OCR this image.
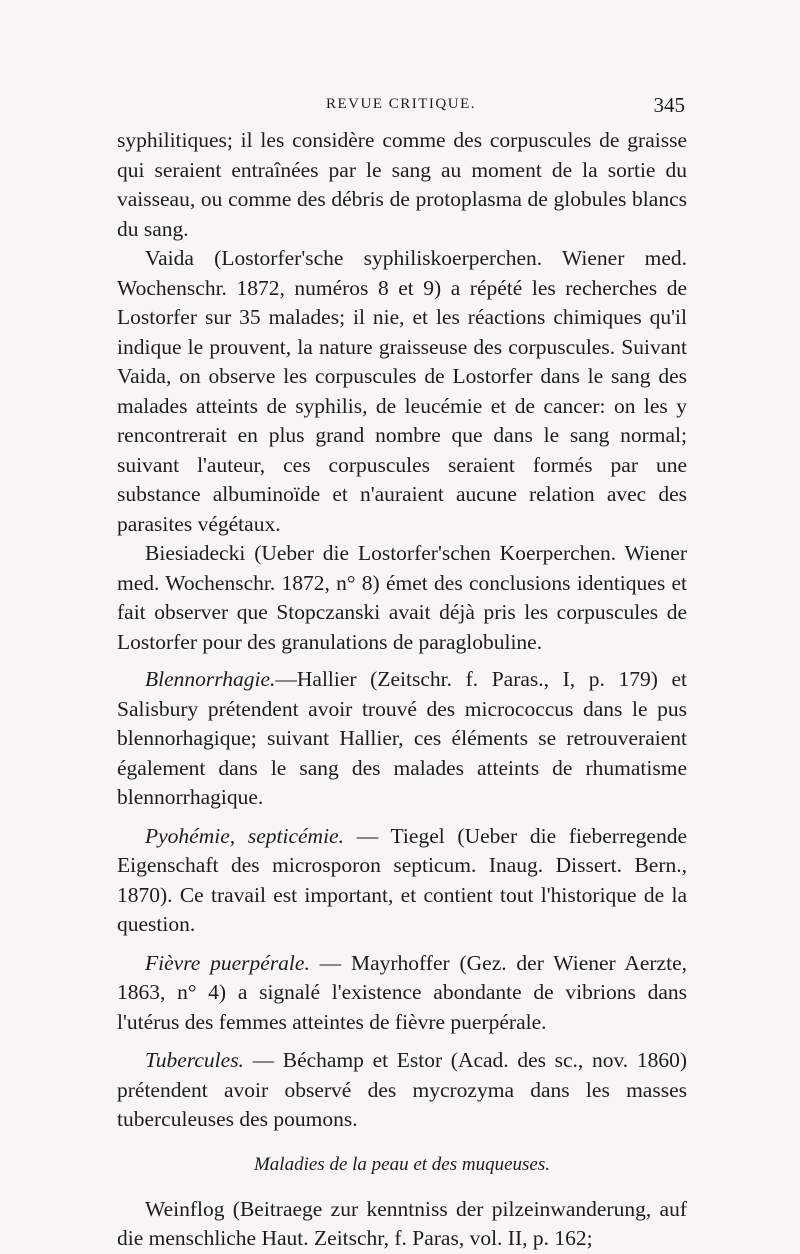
REVUE CRITIQUE.	345

syphilitiques; il les considère comme des corpuscules de graisse qui seraient entraînées par le sang au moment de la sortie du vaisseau, ou comme des débris de protoplasma de globules blancs du sang.

Vaida (Lostorfer'sche syphiliskoerperchen. Wiener med. Wochenschr. 1872, numéros 8 et 9) a répété les recherches de Lostorfer sur 35 malades; il nie, et les réactions chimiques qu'il indique le prouvent, la nature graisseuse des corpuscules. Suivant Vaida, on observe les corpuscules de Lostorfer dans le sang des malades atteints de syphilis, de leucémie et de cancer: on les y rencontrerait en plus grand nombre que dans le sang normal; suivant l'auteur, ces corpuscules seraient formés par une substance albuminoïde et n'auraient aucune relation avec des parasites végétaux.

Biesiadecki (Ueber die Lostorfer'schen Koerperchen. Wiener med. Wochenschr. 1872, n° 8) émet des conclusions identiques et fait observer que Stopczanski avait déjà pris les corpuscules de Lostorfer pour des granulations de paraglobuline.

Blennorrhagie.—Hallier (Zeitschr. f. Paras., I, p. 179) et Salisbury prétendent avoir trouvé des micrococcus dans le pus blennorhagique; suivant Hallier, ces éléments se retrouveraient également dans le sang des malades atteints de rhumatisme blennorrhagique.

Pyohémie, septicémie. — Tiegel (Ueber die fieberregende Eigenschaft des microsporon septicum. Inaug. Dissert. Bern., 1870). Ce travail est important, et contient tout l'historique de la question.

Fièvre puerpérale. — Mayrhoffer (Gez. der Wiener Aerzte, 1863, n° 4) a signalé l'existence abondante de vibrions dans l'utérus des femmes atteintes de fièvre puerpérale.

Tubercules. — Béchamp et Estor (Acad. des sc., nov. 1860) prétendent avoir observé des mycrozyma dans les masses tuberculeuses des poumons.

Maladies de la peau et des muqueuses.

Weinflog (Beitraege zur kenntniss der pilzeinwanderung, auf die menschliche Haut. Zeitschr, f. Paras, vol. II, p. 162;
